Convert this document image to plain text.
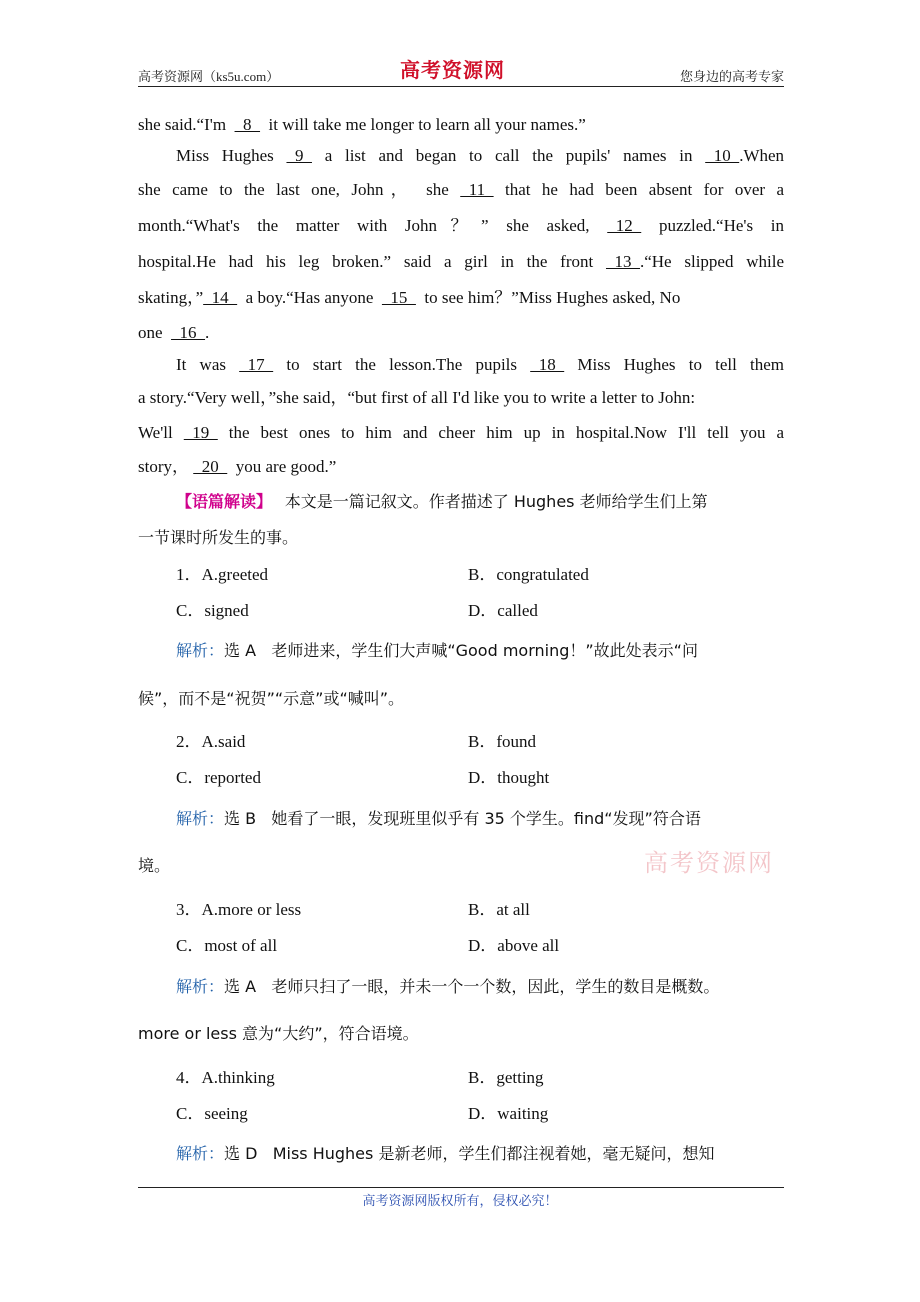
高考资源网（ks5u.com）	高考资源网	您身边的高考专家
she said.“I'm    8    it will take me longer to learn all your names.”
Miss Hughes   9   a list and began to call the pupils' names in   10  .When
she came to the last one, John， she   11   that he had been absent for over a
month.“What's the matter with John？” she asked,   12   puzzled.“He's in
hospital.He had his leg broken.” said a girl in the front   13  .“He slipped while
skating，”  14    a boy.“Has anyone    15    to see him？”Miss Hughes asked, No
one    16  .
It was   17   to start the lesson.The pupils   18   Miss Hughes to tell them
a story.“Very well，”she said，“but first of all I'd like you to write a letter to John:
We'll   19   the best ones to him and cheer him up in hospital.Now I'll tell you a
story，   20    you are good.”
【语篇解读】 本文是一篇记叙文。作者描述了 Hughes 老师给学生们上第
一节课时所发生的事。
1．A.greeted	B．congratulated
C．signed	D．called
解析：选 A 老师进来，学生们大声喊“Good morning！”故此处表示“问
候”，而不是“祝贺”“示意”或“喊叫”。
2．A.said	B．found
C．reported	D．thought
解析：选 B 她看了一眼，发现班里似乎有 35 个学生。find“发现”符合语
境。	高考资源网
3．A.more or less	B．at all
C．most of all	D．above all
解析：选 A 老师只扫了一眼，并未一个一个数，因此，学生的数目是概数。
more or less 意为“大约”，符合语境。
4．A.thinking	B．getting
C．seeing	D．waiting
解析：选 D Miss Hughes 是新老师，学生们都注视着她，毫无疑问，想知
高考资源网版权所有，侵权必究！
